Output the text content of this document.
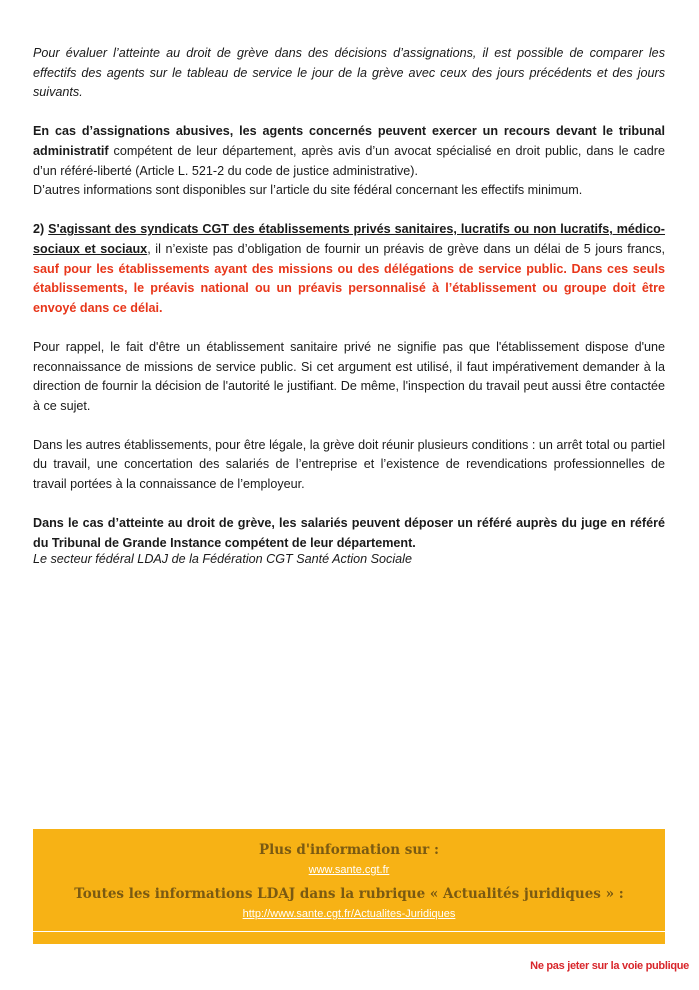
Pour évaluer l’atteinte au droit de grève dans des décisions d’assignations, il est possible de comparer les effectifs des agents sur le tableau de service le jour de la grève avec ceux des jours précédents et des jours suivants.

En cas d’assignations abusives, les agents concernés peuvent exercer un recours devant le tribunal administratif compétent de leur département, après avis d’un avocat spécialisé en droit public, dans le cadre d’un référé-liberté (Article L. 521-2 du code de justice administrative).
D’autres informations sont disponibles sur l’article du site fédéral concernant les effectifs minimum.

2) S'agissant des syndicats CGT des établissements privés sanitaires, lucratifs ou non lucratifs, médico-sociaux et sociaux, il n’existe pas d’obligation de fournir un préavis de grève dans un délai de 5 jours francs, sauf pour les établissements ayant des missions ou des délégations de service public. Dans ces seuls établissements, le préavis national ou un préavis personnalisé à l’établissement ou groupe doit être envoyé dans ce délai.

Pour rappel, le fait d'être un établissement sanitaire privé ne signifie pas que l'établissement dispose d'une reconnaissance de missions de service public. Si cet argument est utilisé, il faut impérativement demander à la direction de fournir la décision de l'autorité le justifiant. De même, l'inspection du travail peut aussi être contactée à ce sujet.

Dans les autres établissements, pour être légale, la grève doit réunir plusieurs conditions : un arrêt total ou partiel du travail, une concertation des salariés de l’entreprise et l’existence de revendications professionnelles de travail portées à la connaissance de l’employeur.

Dans le cas d’atteinte au droit de grève, les salariés peuvent déposer un référé auprès du juge en référé du Tribunal de Grande Instance compétent de leur département.

Le secteur fédéral LDAJ de la Fédération CGT Santé Action Sociale
Plus d'information sur :
www.sante.cgt.fr
Toutes les informations LDAJ dans la rubrique « Actualités juridiques » :
http://www.sante.cgt.fr/Actualites-Juridiques
Ne pas jeter sur la voie publique
